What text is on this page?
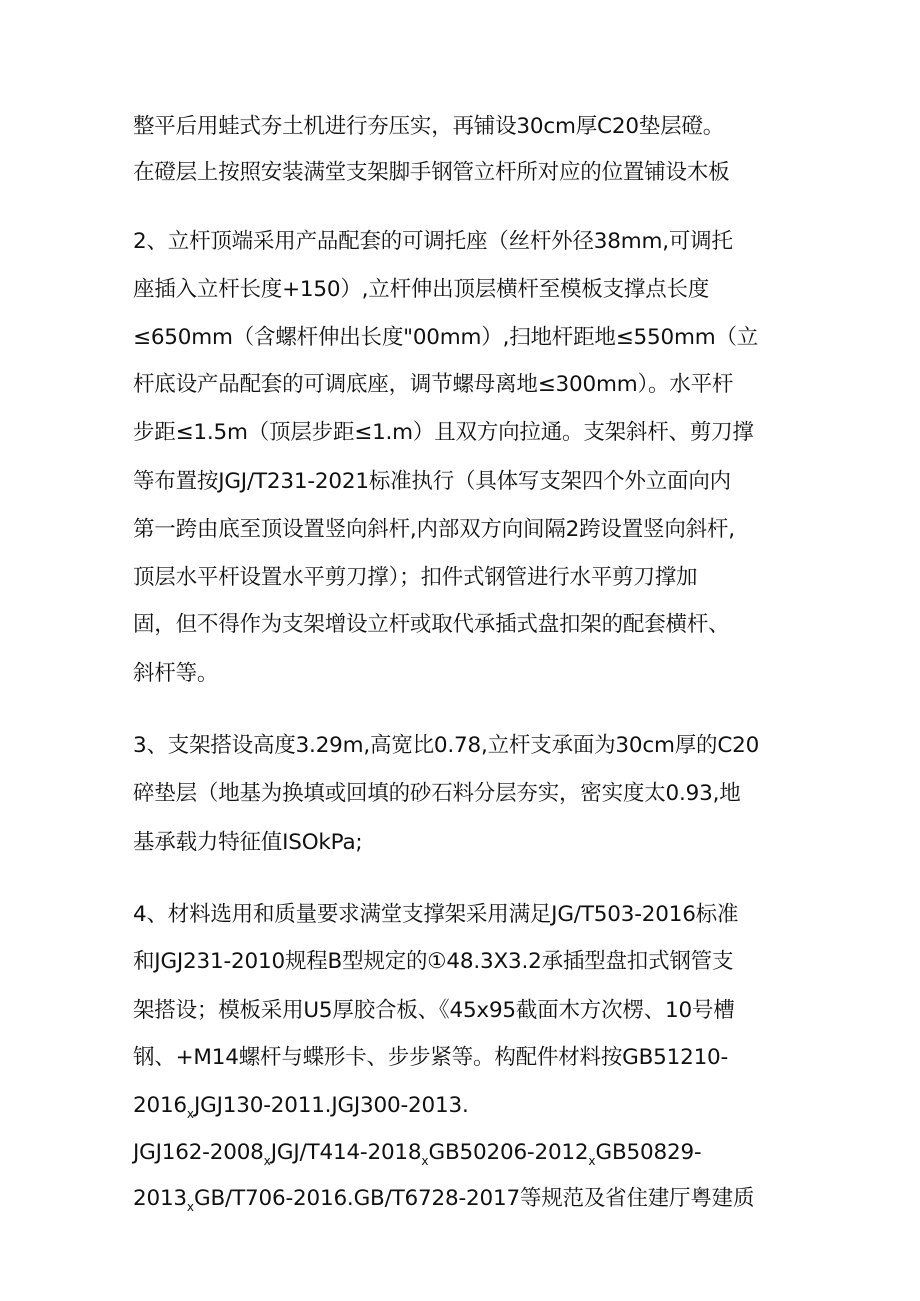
整平后用蛙式夯土机进行夯压实，再铺设30cm厚C20垫层磴。
在磴层上按照安装满堂支架脚手钢管立杆所对应的位置铺设木板
2、立杆顶端采用产品配套的可调托座（丝杆外径38mm,可调托
座插入立杆长度+150）,立杆伸出顶层横杆至模板支撑点长度
≤650mm（含螺杆伸出长度"00mm）,扫地杆距地≤550mm（立
杆底设产品配套的可调底座，调节螺母离地≤300mm）。水平杆
步距≤1.5m（顶层步距≤1.m）且双方向拉通。支架斜杆、剪刀撑
等布置按JGJ/T231-2021标准执行（具体写支架四个外立面向内
第一跨由底至顶设置竖向斜杆,内部双方向间隔2跨设置竖向斜杆,
顶层水平杆设置水平剪刀撑）；扣件式钢管进行水平剪刀撑加
固，但不得作为支架增设立杆或取代承插式盘扣架的配套横杆、
斜杆等。
3、支架搭设高度3.29m,高宽比0.78,立杆支承面为30cm厚的C20
碎垫层（地基为换填或回填的砂石料分层夯实，密实度太0.93,地
基承载力特征值ISOkPa;
4、材料选用和质量要求满堂支撑架采用满足JG/T503-2016标准
和JGJ231-2010规程B型规定的①48.3X3.2承插型盘扣式钢管支
架搭设；模板采用U5厚胶合板、《45x95截面木方次楞、10号槽
钢、+M14螺杆与蝶形卡、步步紧等。构配件材料按GB51210-
$2016_xJGJ130-2011.JGJ300-2013$.
$JGJ162-2008_xJGJ/T414-2018_xGB50206-2012_xGB50829-$
$2013_xGB/T706-2016.GB/T6728-2017$等规范及省住建厅粤建质
